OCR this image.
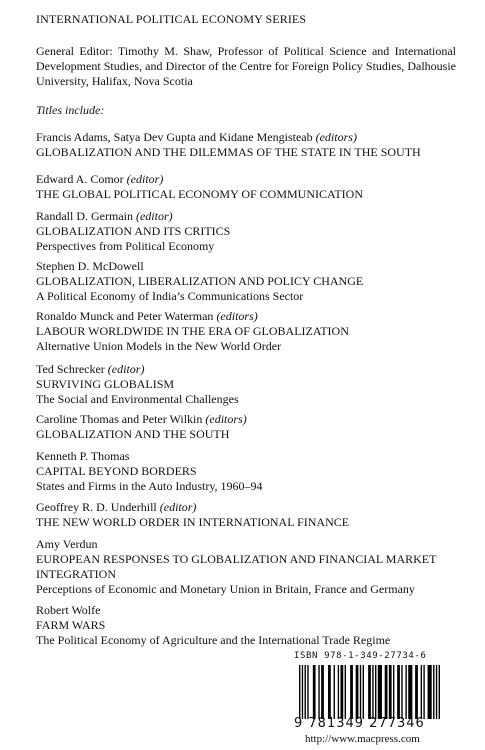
INTERNATIONAL POLITICAL ECONOMY SERIES
General Editor: Timothy M. Shaw, Professor of Political Science and International Development Studies, and Director of the Centre for Foreign Policy Studies, Dalhousie University, Halifax, Nova Scotia
Titles include:
Francis Adams, Satya Dev Gupta and Kidane Mengisteab (editors)
GLOBALIZATION AND THE DILEMMAS OF THE STATE IN THE SOUTH
Edward A. Comor (editor)
THE GLOBAL POLITICAL ECONOMY OF COMMUNICATION
Randall D. Germain (editor)
GLOBALIZATION AND ITS CRITICS
Perspectives from Political Economy
Stephen D. McDowell
GLOBALIZATION, LIBERALIZATION AND POLICY CHANGE
A Political Economy of India’s Communications Sector
Ronaldo Munck and Peter Waterman (editors)
LABOUR WORLDWIDE IN THE ERA OF GLOBALIZATION
Alternative Union Models in the New World Order
Ted Schrecker (editor)
SURVIVING GLOBALISM
The Social and Environmental Challenges
Caroline Thomas and Peter Wilkin (editors)
GLOBALIZATION AND THE SOUTH
Kenneth P. Thomas
CAPITAL BEYOND BORDERS
States and Firms in the Auto Industry, 1960–94
Geoffrey R. D. Underhill (editor)
THE NEW WORLD ORDER IN INTERNATIONAL FINANCE
Amy Verdun
EUROPEAN RESPONSES TO GLOBALIZATION AND FINANCIAL MARKET INTEGRATION
Perceptions of Economic and Monetary Union in Britain, France and Germany
Robert Wolfe
FARM WARS
The Political Economy of Agriculture and the International Trade Regime
ISBN 978-1-349-27734-6
9 781349 277346
http://www.macpress.com
